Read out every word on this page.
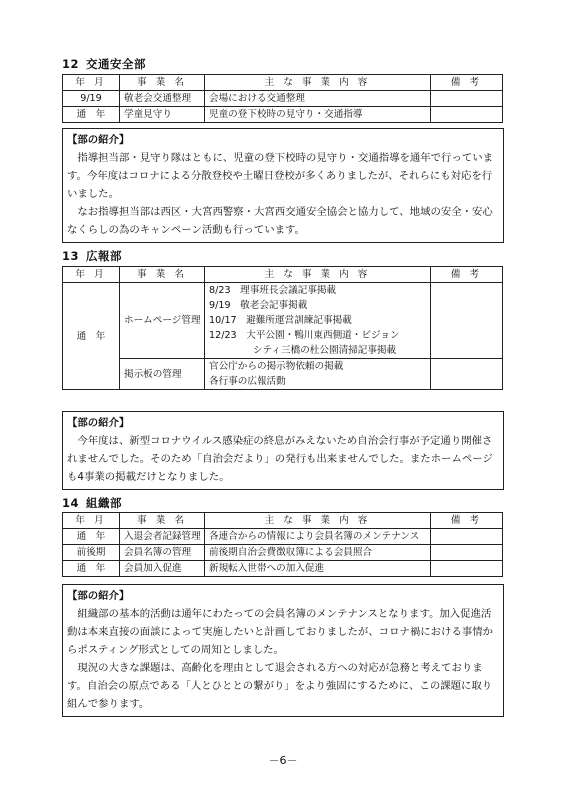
12 交通安全部
年 月	事 業 名	主 な 事 業 内 容	備 考
9/19	敬老会交通整理	会場における交通整理	
通　年	学童見守り	児童の登下校時の見守り・交通指導	
【部の紹介】

指導担当部・見守り隊はともに、児童の登下校時の見守り・交通指導を通年で行っています。今年度はコロナによる分散登校や土曜日登校が多くありましたが、それらにも対応を行いました。

なお指導担当部は西区・大宮西警察・大宮西交通安全協会と協力して、地域の安全・安心なくらしの為のキャンペーン活動も行っています。

13 広報部
年 月	事 業 名	主 な 事 業 内 容	備 考
通　年	ホームページ管理	8/23　理事班長会議記事掲載
9/19　敬老会記事掲載
10/17　避難所運営訓練記事掲載
12/23　大平公園・鴨川東西側道・ビジョン
シティ三橋の杜公園清掃記事掲載	

	掲示板の管理	官公庁からの掲示物依頼の掲載
各行事の広報活動	

【部の紹介】

今年度は、新型コロナウイルス感染症の終息がみえないため自治会行事が予定通り開催されませんでした。そのため「自治会だより」の発行も出来ませんでした。またホームページも4事業の掲載だけとなりました。

14 組織部
年 月	事 業 名	主 な 事 業 内 容	備 考
通　年	入退会者記録管理	各連合からの情報により会員名簿のメンテナンス	
前後期	会員名簿の管理	前後期自治会費徴収簿による会員照合	
通　年	会員加入促進	新規転入世帯への加入促進	
【部の紹介】

組織部の基本的活動は通年にわたっての会員名簿のメンテナンスとなります。加入促進活動は本来直接の面談によって実施したいと計画しておりましたが、コロナ禍における事情からポスティング形式としての周知としました。

現況の大きな課題は、高齢化を理由として退会される方への対応が急務と考えております。自治会の原点である「人とひととの繋がり」をより強固にするために、この課題に取り組んで参ります。

－6－
